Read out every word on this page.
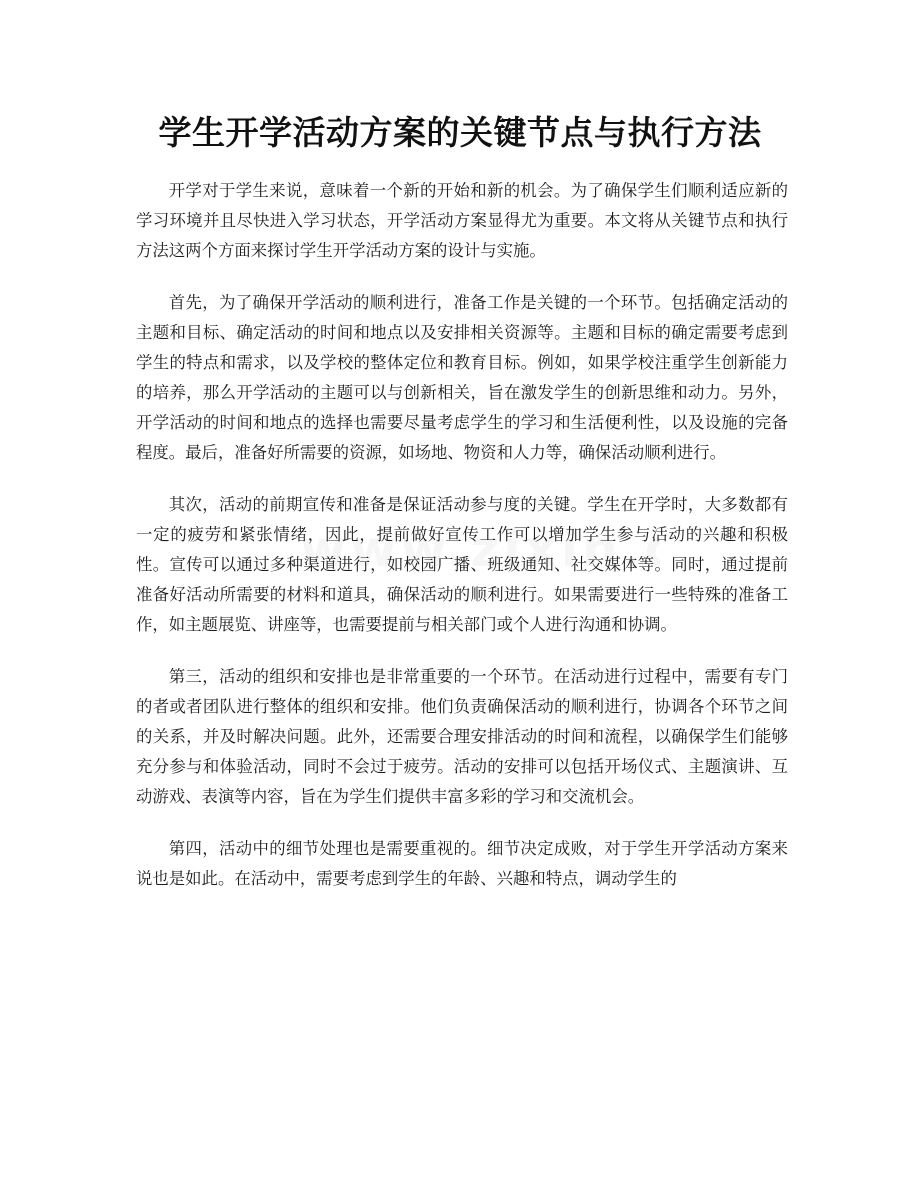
学生开学活动方案的关键节点与执行方法

开学对于学生来说，意味着一个新的开始和新的机会。为了确保学生们顺利适应新的学习环境并且尽快进入学习状态，开学活动方案显得尤为重要。本文将从关键节点和执行方法这两个方面来探讨学生开学活动方案的设计与实施。

首先，为了确保开学活动的顺利进行，准备工作是关键的一个环节。包括确定活动的主题和目标、确定活动的时间和地点以及安排相关资源等。主题和目标的确定需要考虑到学生的特点和需求，以及学校的整体定位和教育目标。例如，如果学校注重学生创新能力的培养，那么开学活动的主题可以与创新相关，旨在激发学生的创新思维和动力。另外，开学活动的时间和地点的选择也需要尽量考虑学生的学习和生活便利性，以及设施的完备程度。最后，准备好所需要的资源，如场地、物资和人力等，确保活动顺利进行。

其次，活动的前期宣传和准备是保证活动参与度的关键。学生在开学时，大多数都有一定的疲劳和紧张情绪，因此，提前做好宣传工作可以增加学生参与活动的兴趣和积极性。宣传可以通过多种渠道进行，如校园广播、班级通知、社交媒体等。同时，通过提前准备好活动所需要的材料和道具，确保活动的顺利进行。如果需要进行一些特殊的准备工作，如主题展览、讲座等，也需要提前与相关部门或个人进行沟通和协调。

第三，活动的组织和安排也是非常重要的一个环节。在活动进行过程中，需要有专门的者或者团队进行整体的组织和安排。他们负责确保活动的顺利进行，协调各个环节之间的关系，并及时解决问题。此外，还需要合理安排活动的时间和流程，以确保学生们能够充分参与和体验活动，同时不会过于疲劳。活动的安排可以包括开场仪式、主题演讲、互动游戏、表演等内容，旨在为学生们提供丰富多彩的学习和交流机会。

第四，活动中的细节处理也是需要重视的。细节决定成败，对于学生开学活动方案来说也是如此。在活动中，需要考虑到学生的年龄、兴趣和特点，调动学生的
